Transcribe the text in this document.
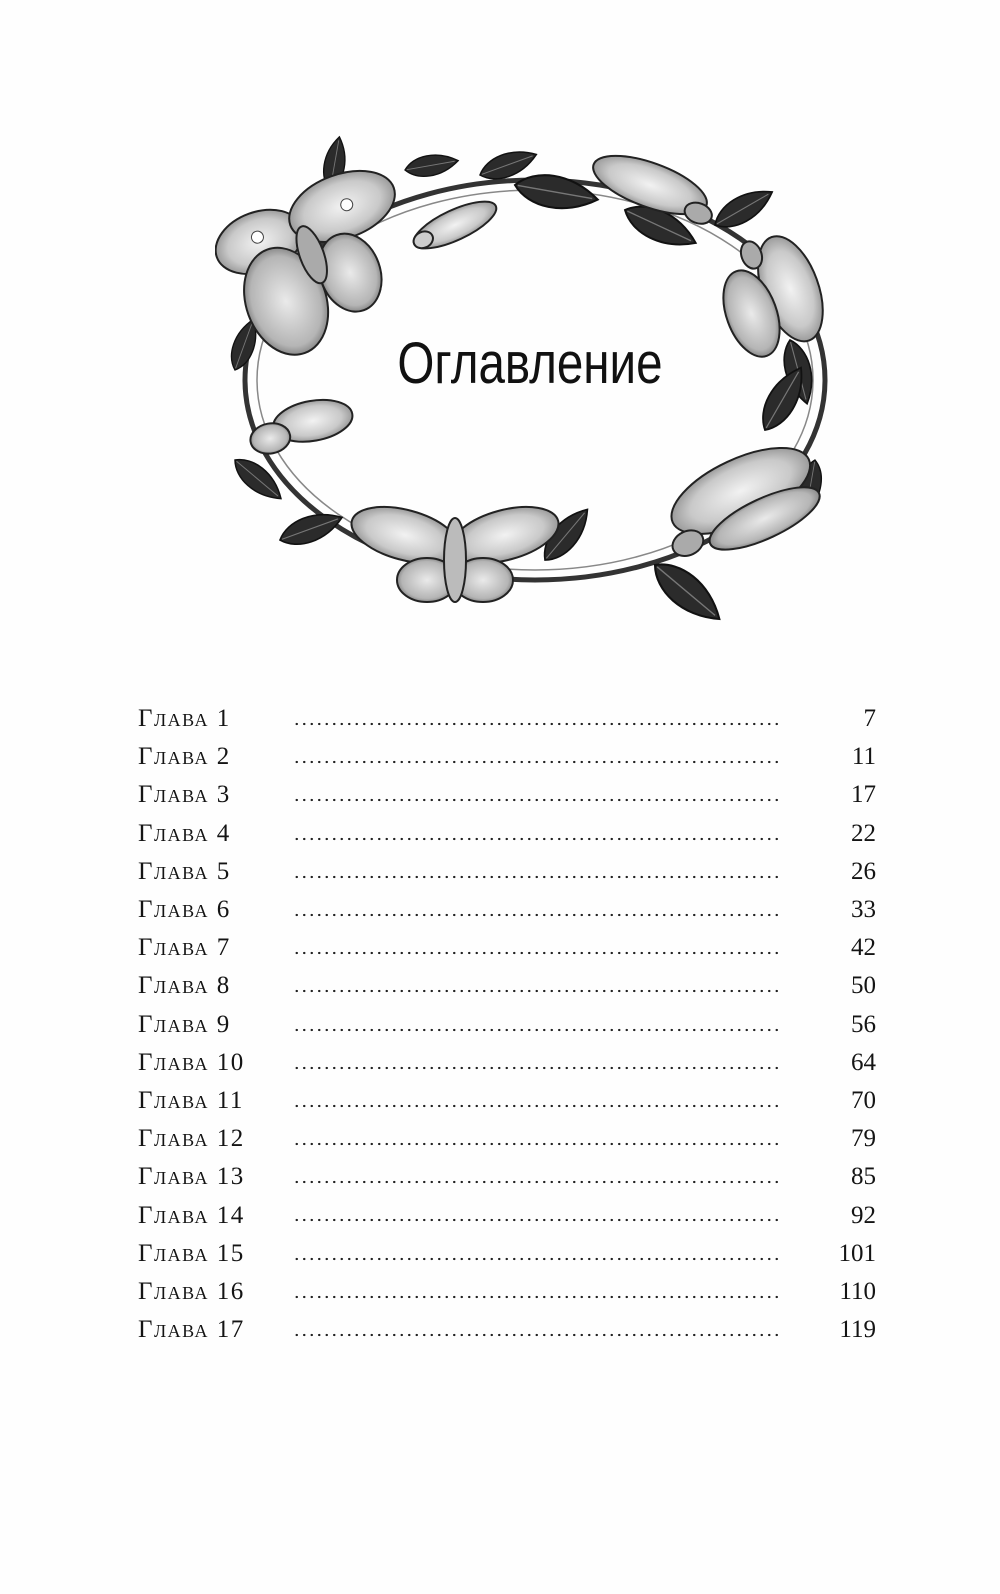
Оглавление
Глава 1	7
Глава 2	11
Глава 3	17
Глава 4	22
Глава 5	26
Глава 6	33
Глава 7	42
Глава 8	50
Глава 9	56
Глава 10	64
Глава 11	70
Глава 12	79
Глава 13	85
Глава 14	92
Глава 15	101
Глава 16	110
Глава 17	119
